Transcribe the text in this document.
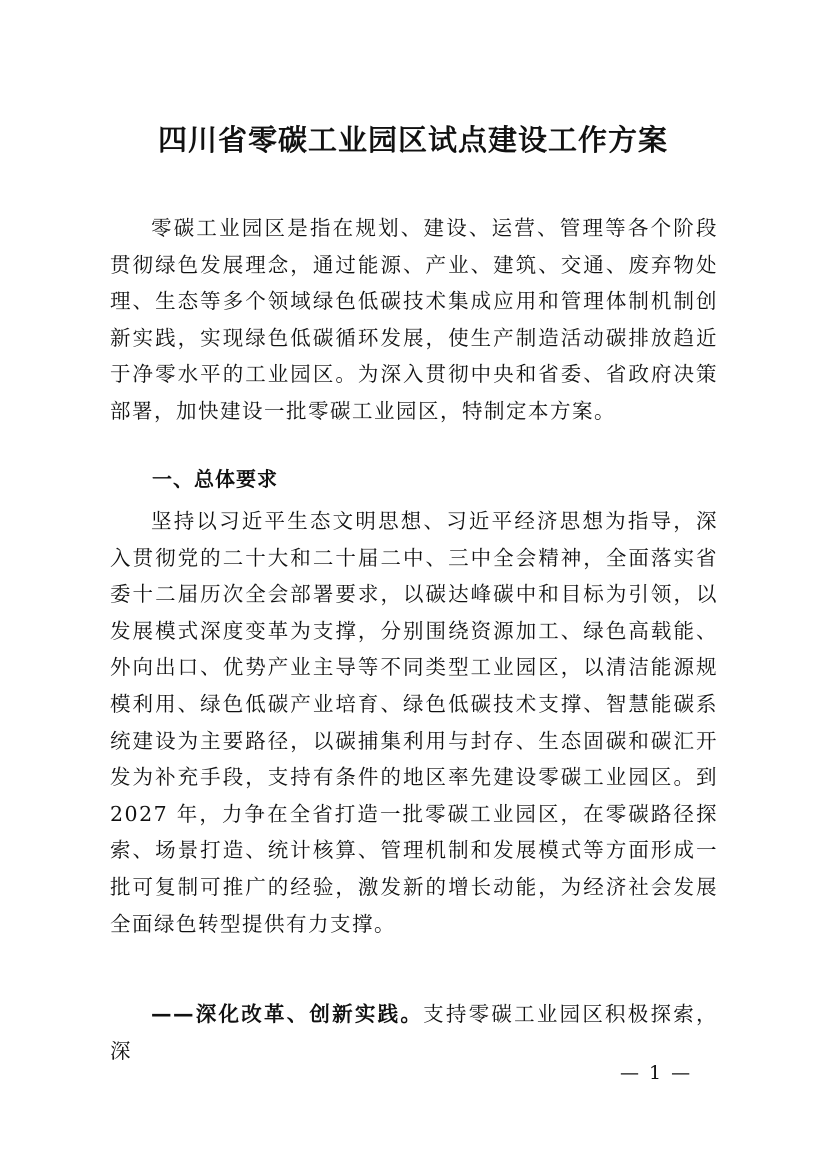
四川省零碳工业园区试点建设工作方案

零碳工业园区是指在规划、建设、运营、管理等各个阶段贯彻绿色发展理念，通过能源、产业、建筑、交通、废弃物处理、生态等多个领域绿色低碳技术集成应用和管理体制机制创新实践，实现绿色低碳循环发展，使生产制造活动碳排放趋近于净零水平的工业园区。为深入贯彻中央和省委、省政府决策部署，加快建设一批零碳工业园区，特制定本方案。

一、总体要求

坚持以习近平生态文明思想、习近平经济思想为指导，深入贯彻党的二十大和二十届二中、三中全会精神，全面落实省委十二届历次全会部署要求，以碳达峰碳中和目标为引领，以发展模式深度变革为支撑，分别围绕资源加工、绿色高载能、外向出口、优势产业主导等不同类型工业园区，以清洁能源规模利用、绿色低碳产业培育、绿色低碳技术支撑、智慧能碳系统建设为主要路径，以碳捕集利用与封存、生态固碳和碳汇开发为补充手段，支持有条件的地区率先建设零碳工业园区。到 2027 年，力争在全省打造一批零碳工业园区，在零碳路径探索、场景打造、统计核算、管理机制和发展模式等方面形成一批可复制可推广的经验，激发新的增长动能，为经济社会发展全面绿色转型提供有力支撑。

——深化改革、创新实践。支持零碳工业园区积极探索，深

— 1 —
